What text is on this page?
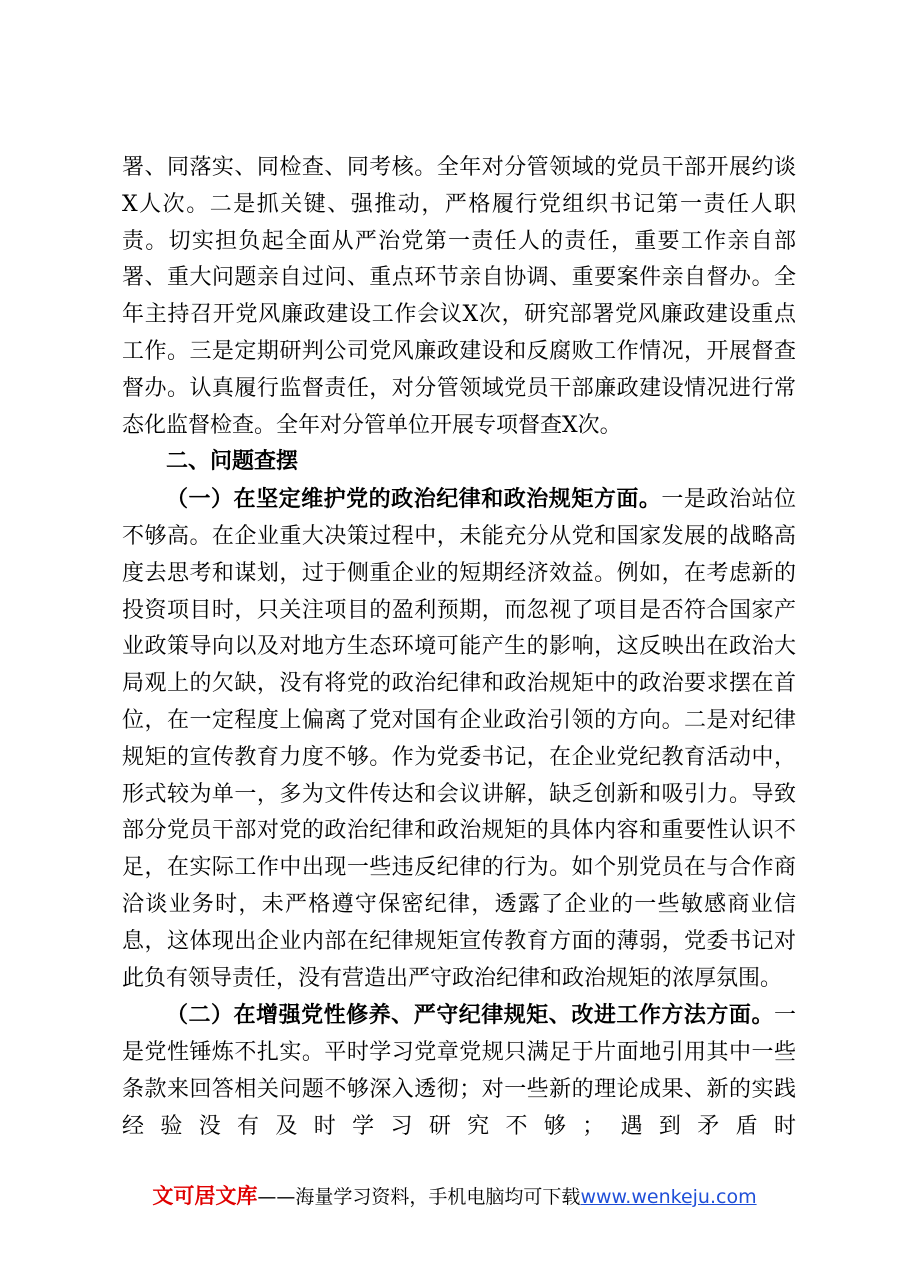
署、同落实、同检查、同考核。全年对分管领域的党员干部开展约谈X人次。二是抓关键、强推动，严格履行党组织书记第一责任人职责。切实担负起全面从严治党第一责任人的责任，重要工作亲自部署、重大问题亲自过问、重点环节亲自协调、重要案件亲自督办。全年主持召开党风廉政建设工作会议X次，研究部署党风廉政建设重点工作。三是定期研判公司党风廉政建设和反腐败工作情况，开展督查督办。认真履行监督责任，对分管领域党员干部廉政建设情况进行常态化监督检查。全年对分管单位开展专项督查X次。

二、问题查摆

（一）在坚定维护党的政治纪律和政治规矩方面。一是政治站位不够高。在企业重大决策过程中，未能充分从党和国家发展的战略高度去思考和谋划，过于侧重企业的短期经济效益。例如，在考虑新的投资项目时，只关注项目的盈利预期，而忽视了项目是否符合国家产业政策导向以及对地方生态环境可能产生的影响，这反映出在政治大局观上的欠缺，没有将党的政治纪律和政治规矩中的政治要求摆在首位，在一定程度上偏离了党对国有企业政治引领的方向。二是对纪律规矩的宣传教育力度不够。作为党委书记，在企业党纪教育活动中，形式较为单一，多为文件传达和会议讲解，缺乏创新和吸引力。导致部分党员干部对党的政治纪律和政治规矩的具体内容和重要性认识不足，在实际工作中出现一些违反纪律的行为。如个别党员在与合作商洽谈业务时，未严格遵守保密纪律，透露了企业的一些敏感商业信息，这体现出企业内部在纪律规矩宣传教育方面的薄弱，党委书记对此负有领导责任，没有营造出严守政治纪律和政治规矩的浓厚氛围。

（二）在增强党性修养、严守纪律规矩、改进工作方法方面。一是党性锤炼不扎实。平时学习党章党规只满足于片面地引用其中一些条款来回答相关问题不够深入透彻；对一些新的理论成果、新的实践经验没有及时学习研究不够；遇到矛盾时

文可居文库——海量学习资料，手机电脑均可下载www.wenkeju.com
